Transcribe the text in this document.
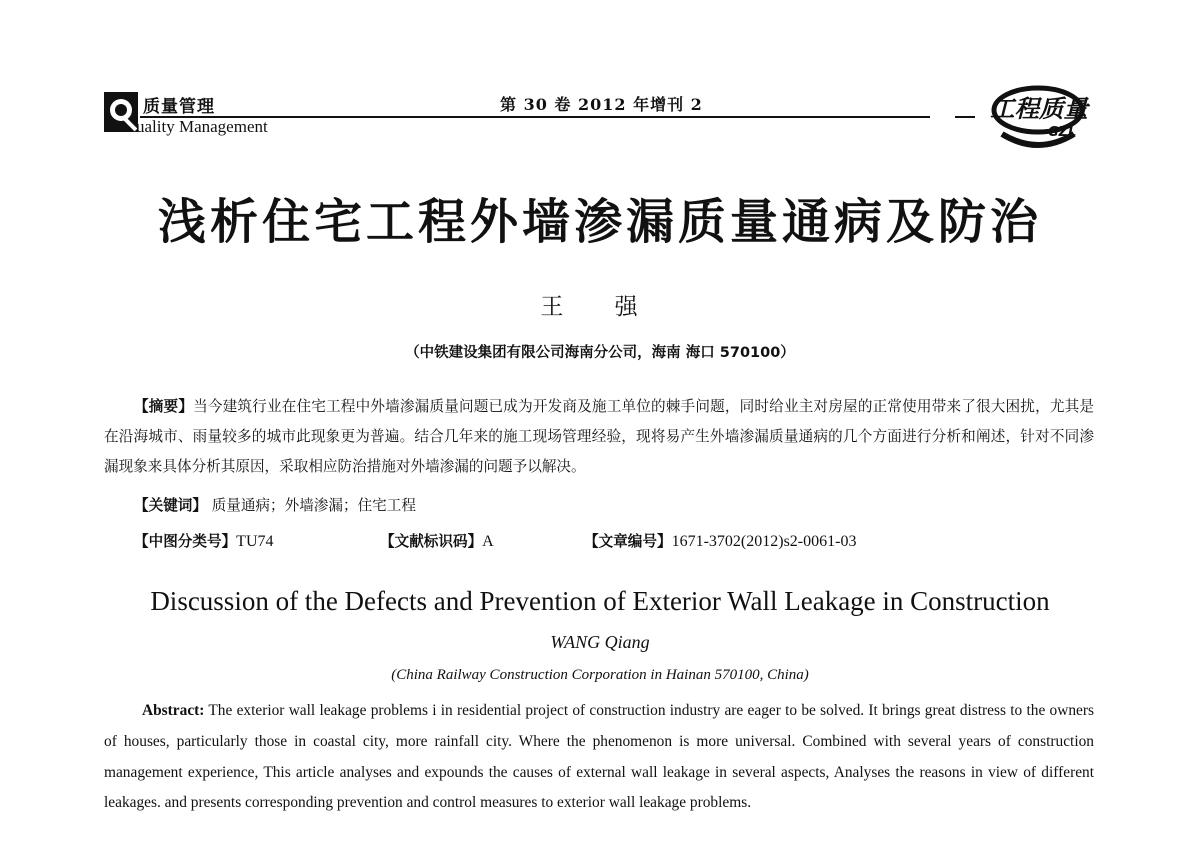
质量管理
uality Management
第 30 卷 2012 年增刊 2	工程质量
GZL
浅析住宅工程外墙渗漏质量通病及防治
王 强
（中铁建设集团有限公司海南分公司，海南 海口 570100）

【摘要】当今建筑行业在住宅工程中外墙渗漏质量问题已成为开发商及施工单位的棘手问题，同时给业主对房屋的正常使用带来了很大困扰，尤其是在沿海城市、雨量较多的城市此现象更为普遍。结合几年来的施工现场管理经验，现将易产生外墙渗漏质量通病的几个方面进行分析和阐述，针对不同渗漏现象来具体分析其原因，采取相应防治措施对外墙渗漏的问题予以解决。

【关键词】 质量通病；外墙渗漏；住宅工程
【中图分类号】TU74	【文献标识码】A	【文章编号】1671-3702(2012)s2-0061-03
Discussion of the Defects and Prevention of Exterior Wall Leakage in Construction
WANG Qiang
(China Railway Construction Corporation in Hainan 570100, China)

Abstract: The exterior wall leakage problems i in residential project of construction industry are eager to be solved. It brings great distress to the owners of houses, particularly those in coastal city, more rainfall city. Where the phenomenon is more universal. Combined with several years of construction management experience, This article analyses and expounds the causes of external wall leakage in several aspects, Analyses the reasons in view of different leakages. and presents corresponding prevention and control measures to exterior wall leakage problems.
